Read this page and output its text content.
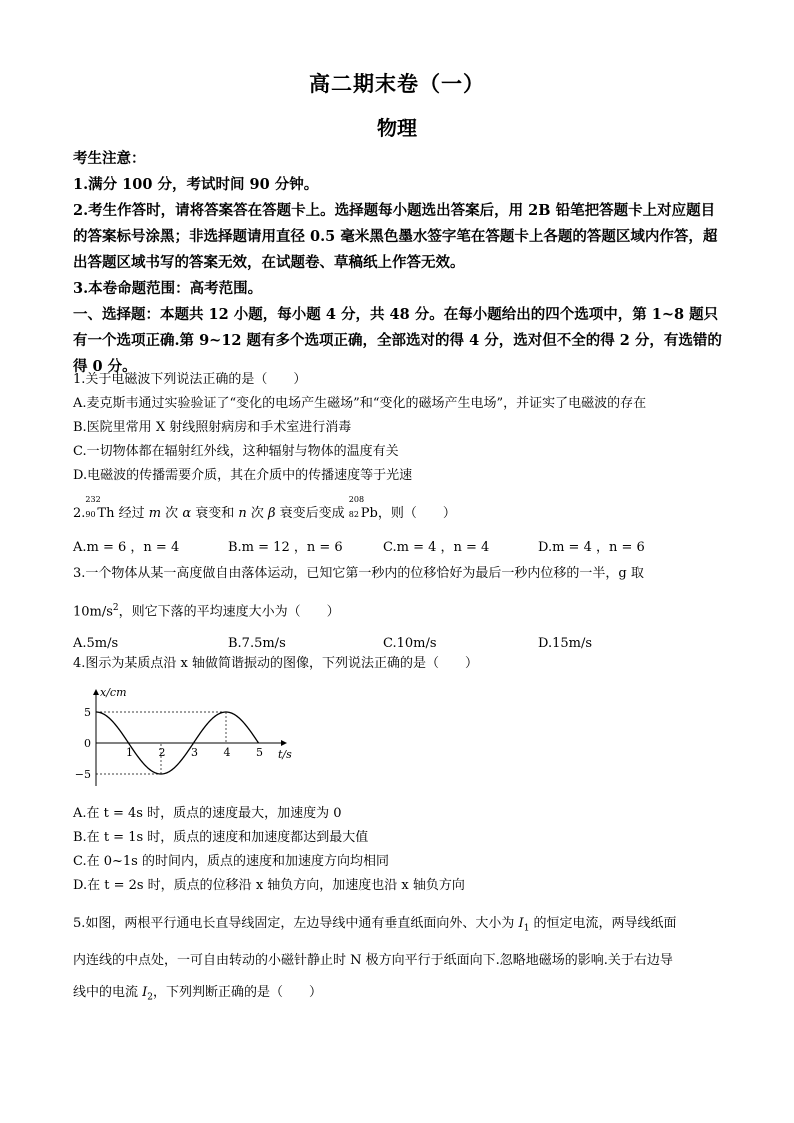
高二期末卷（一）
物理

考生注意：

1.满分 100 分，考试时间 90 分钟。

2.考生作答时，请将答案答在答题卡上。选择题每小题选出答案后，用 2B 铅笔把答题卡上对应题目的答案标号涂黑；非选择题请用直径 0.5 毫米黑色墨水签字笔在答题卡上各题的答题区域内作答，超出答题区域书写的答案无效，在试题卷、草稿纸上作答无效。

3.本卷命题范围：高考范围。

一、选择题：本题共 12 小题，每小题 4 分，共 48 分。在每小题给出的四个选项中，第 1~8 题只有一个选项正确.第 9~12 题有多个选项正确，全部选对的得 4 分，选对但不全的得 2 分，有选错的得 0 分。

1.关于电磁波下列说法正确的是（　　）

A.麦克斯韦通过实验验证了“变化的电场产生磁场”和“变化的磁场产生电场”，并证实了电磁波的存在

B.医院里常用 X 射线照射病房和手术室进行消毒

C.一切物体都在辐射红外线，这种辐射与物体的温度有关

D.电磁波的传播需要介质，其在介质中的传播速度等于光速

2.
232
90 Th 经过 m 次 α 衰变和 n 次 β 衰变后变成
208
82 Pb，则（　　）

A.m = 6 ，n = 4	B.m = 12 ，n = 6	C.m = 4 ，n = 4	D.m = 4 ，n = 6

3.一个物体从某一高度做自由落体运动，已知它第一秒内的位移恰好为最后一秒内位移的一半，g 取

$10m/s^2$，则它下落的平均速度大小为（　　）

A.5m/s	B.7.5m/s	C.10m/s	D.15m/s

4.图示为某质点沿 x 轴做简谐振动的图像，下列说法正确的是（　　）

5
−5
0
1 2 3 4 5
x/cm
t/s

A.在 t = 4s 时，质点的速度最大，加速度为 0

B.在 t = 1s 时，质点的速度和加速度都达到最大值

C.在 0~1s 的时间内，质点的速度和加速度方向均相同

D.在 t = 2s 时，质点的位移沿 x 轴负方向，加速度也沿 x 轴负方向

5.如图，两根平行通电长直导线固定，左边导线中通有垂直纸面向外、大小为 $I_1$ 的恒定电流，两导线纸面

内连线的中点处，一可自由转动的小磁针静止时 N 极方向平行于纸面向下.忽略地磁场的影响.关于右边导

线中的电流 $I_2$，下列判断正确的是（　　）
